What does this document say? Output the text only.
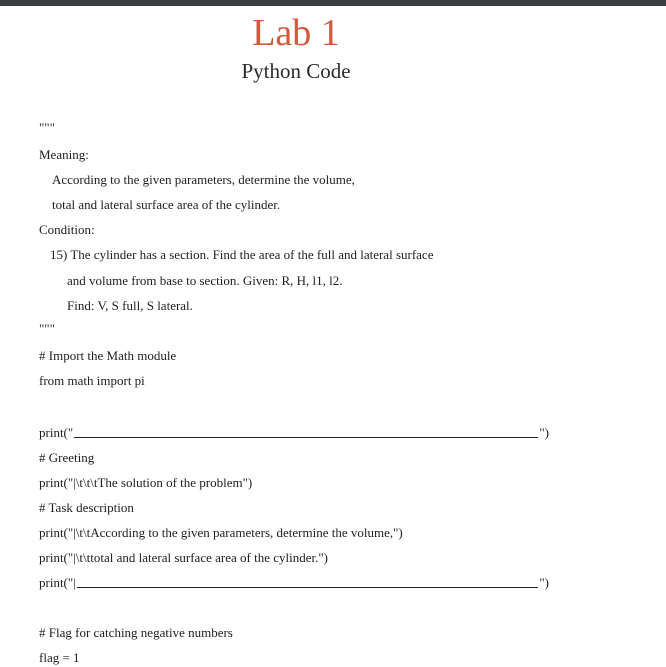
Lab 1
Python Code
"""
Meaning:
According to the given parameters, determine the volume,
total and lateral surface area of the cylinder.
Condition:
15) The cylinder has a section. Find the area of the full and lateral surface
and volume from base to section. Given: R, H, l1, l2.
Find: V, S full, S lateral.
"""
# Import the Math module
from math import pi
print("	")
# Greeting
print("|\t\t\tThe solution of the problem")
# Task description
print("|\t\tAccording to the given parameters, determine the volume,")
print("|\t\ttotal and lateral surface area of the cylinder.")
print("|	")
# Flag for catching negative numbers
flag = 1
